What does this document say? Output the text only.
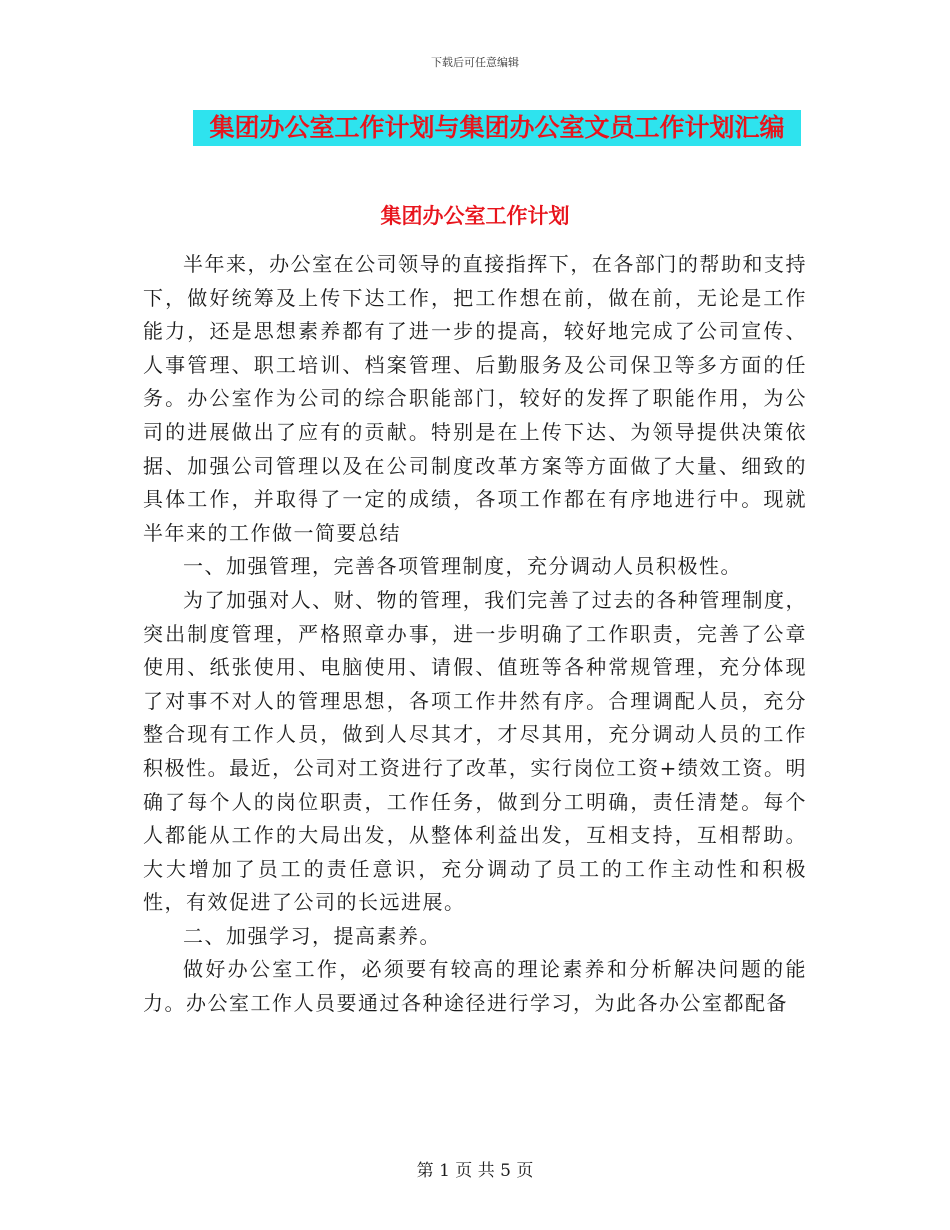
下载后可任意编辑
集团办公室工作计划与集团办公室文员工作计划汇编
集团办公室工作计划

半年来，办公室在公司领导的直接指挥下，在各部门的帮助和支持下，做好统筹及上传下达工作，把工作想在前，做在前，无论是工作能力，还是思想素养都有了进一步的提高，较好地完成了公司宣传、人事管理、职工培训、档案管理、后勤服务及公司保卫等多方面的任务。办公室作为公司的综合职能部门，较好的发挥了职能作用，为公司的进展做出了应有的贡献。特别是在上传下达、为领导提供决策依据、加强公司管理以及在公司制度改革方案等方面做了大量、细致的具体工作，并取得了一定的成绩，各项工作都在有序地进行中。现就半年来的工作做一简要总结

一、加强管理，完善各项管理制度，充分调动人员积极性。

为了加强对人、财、物的管理，我们完善了过去的各种管理制度，突出制度管理，严格照章办事，进一步明确了工作职责，完善了公章使用、纸张使用、电脑使用、请假、值班等各种常规管理，充分体现了对事不对人的管理思想，各项工作井然有序。合理调配人员，充分整合现有工作人员，做到人尽其才，才尽其用，充分调动人员的工作积极性。最近，公司对工资进行了改革，实行岗位工资+绩效工资。明确了每个人的岗位职责，工作任务，做到分工明确，责任清楚。每个人都能从工作的大局出发，从整体利益出发，互相支持，互相帮助。大大增加了员工的责任意识，充分调动了员工的工作主动性和积极性，有效促进了公司的长远进展。

二、加强学习，提高素养。

做好办公室工作，必须要有较高的理论素养和分析解决问题的能力。办公室工作人员要通过各种途径进行学习，为此各办公室都配备

第 1 页 共 5 页
